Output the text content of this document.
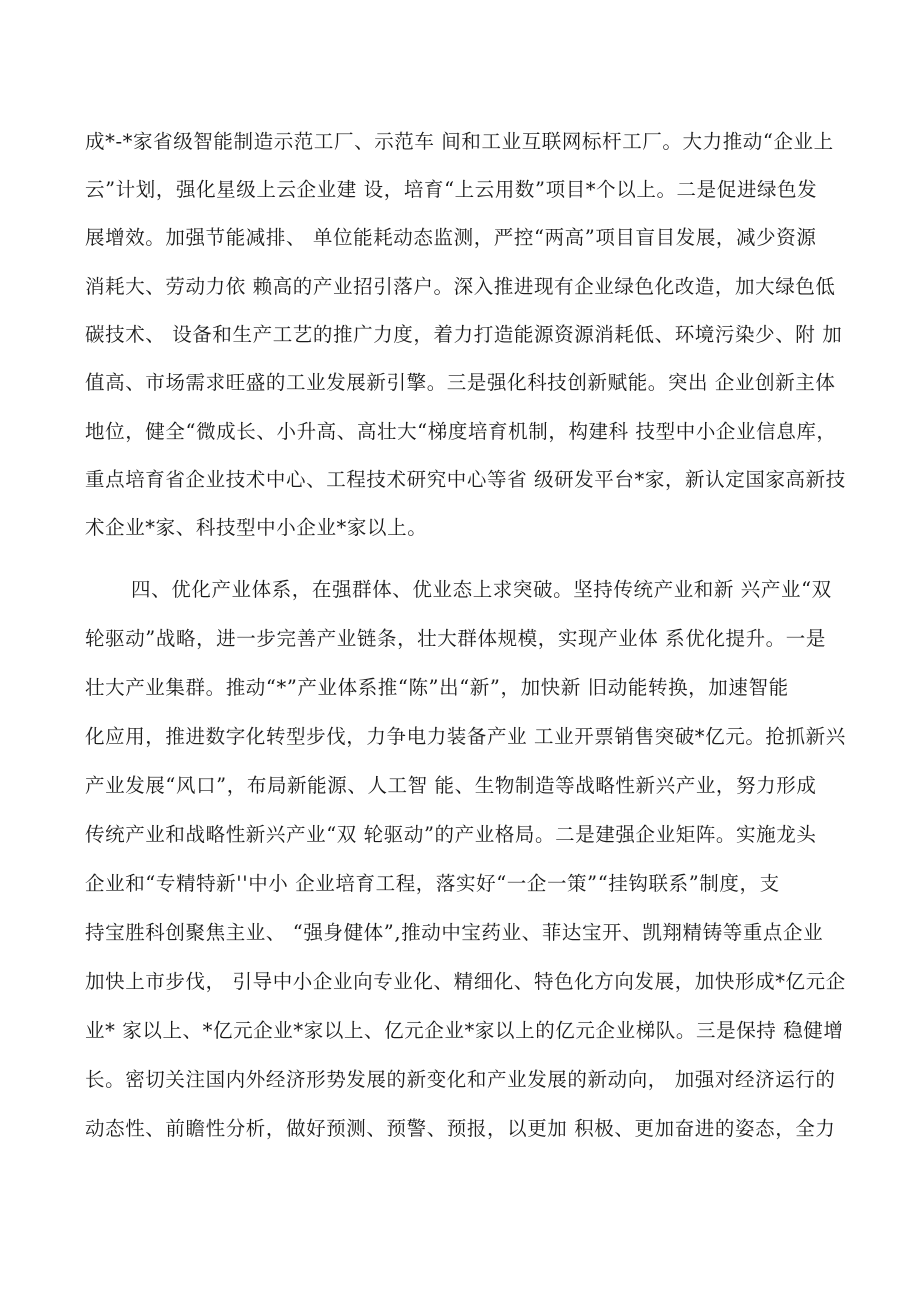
成*-*家省级智能制造示范工厂、示范车 间和工业互联网标杆工厂。大力推动“企业上
云”计划，强化星级上云企业建 设，培育“上云用数”项目*个以上。二是促进绿色发
展增效。加强节能减排、 单位能耗动态监测，严控“两高”项目盲目发展，减少资源
消耗大、劳动力依 赖高的产业招引落户。深入推进现有企业绿色化改造，加大绿色低
碳技术、 设备和生产工艺的推广力度，着力打造能源资源消耗低、环境污染少、附 加
值高、市场需求旺盛的工业发展新引擎。三是强化科技创新赋能。突出 企业创新主体
地位，健全“微成长、小升高、高壮大“梯度培育机制，构建科 技型中小企业信息库，
重点培育省企业技术中心、工程技术研究中心等省 级研发平台*家，新认定国家高新技
术企业*家、科技型中小企业*家以上。
四、优化产业体系，在强群体、优业态上求突破。坚持传统产业和新 兴产业“双
轮驱动”战略，进一步完善产业链条，壮大群体规模，实现产业体 系优化提升。一是
壮大产业集群。推动“*”产业体系推“陈”出“新”，加快新 旧动能转换，加速智能
化应用，推进数字化转型步伐，力争电力装备产业 工业开票销售突破*亿元。抢抓新兴
产业发展“风口”，布局新能源、人工智 能、生物制造等战略性新兴产业，努力形成
传统产业和战略性新兴产业“双 轮驱动”的产业格局。二是建强企业矩阵。实施龙头
企业和“专精特新''中小 企业培育工程，落实好“一企一策”“挂钩联系”制度，支
持宝胜科创聚焦主业、 “强身健体”,推动中宝药业、菲达宝开、凯翔精铸等重点企业
加快上市步伐， 引导中小企业向专业化、精细化、特色化方向发展，加快形成*亿元企
业* 家以上、*亿元企业*家以上、亿元企业*家以上的亿元企业梯队。三是保持 稳健增
长。密切关注国内外经济形势发展的新变化和产业发展的新动向， 加强对经济运行的
动态性、前瞻性分析，做好预测、预警、预报，以更加 积极、更加奋进的姿态，全力
